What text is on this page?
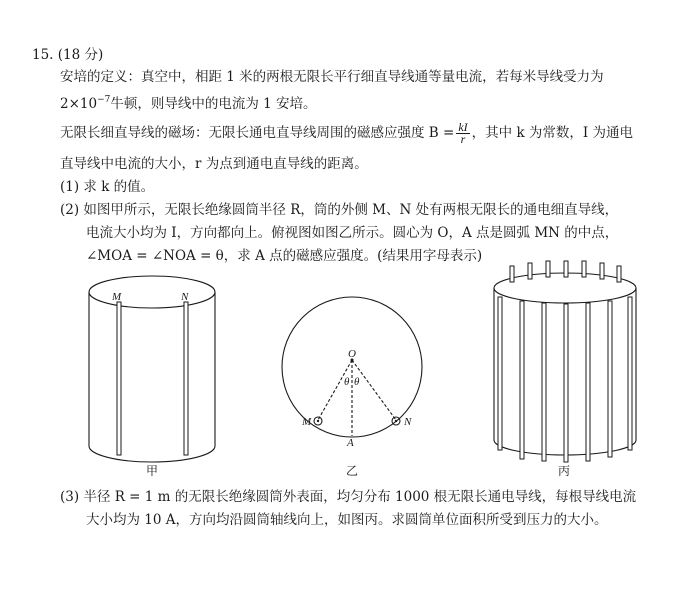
15. (18 分)
安培的定义：真空中，相距 1 米的两根无限长平行细直导线通等量电流，若每米导线受力为
$2\times 10^{-7}$牛顿，则导线中的电流为 1 安培。
无限长细直导线的磁场：无限长通电直导线周围的磁感应强度 $B = \frac{kI}{r}$ ，其中 k 为常数，I 为通电
直导线中电流的大小，r 为点到通电直导线的距离。
(1) 求 k 的值。
(2) 如图甲所示，无限长绝缘圆筒半径 R，筒的外侧 M、N 处有两根无限长的通电细直导线，
电流大小均为 I，方向都向上。俯视图如图乙所示。圆心为 O，A 点是圆弧 MN 的中点，
∠MOA = ∠NOA = θ，求 A 点的磁感应强度。(结果用字母表示)
M	N
O
θ θ
M	N
A
甲	乙	丙
(3) 半径 R = 1 m 的无限长绝缘圆筒外表面，均匀分布 1000 根无限长通电导线，每根导线电流
大小均为 10 A，方向均沿圆筒轴线向上，如图丙。求圆筒单位面积所受到压力的大小。
